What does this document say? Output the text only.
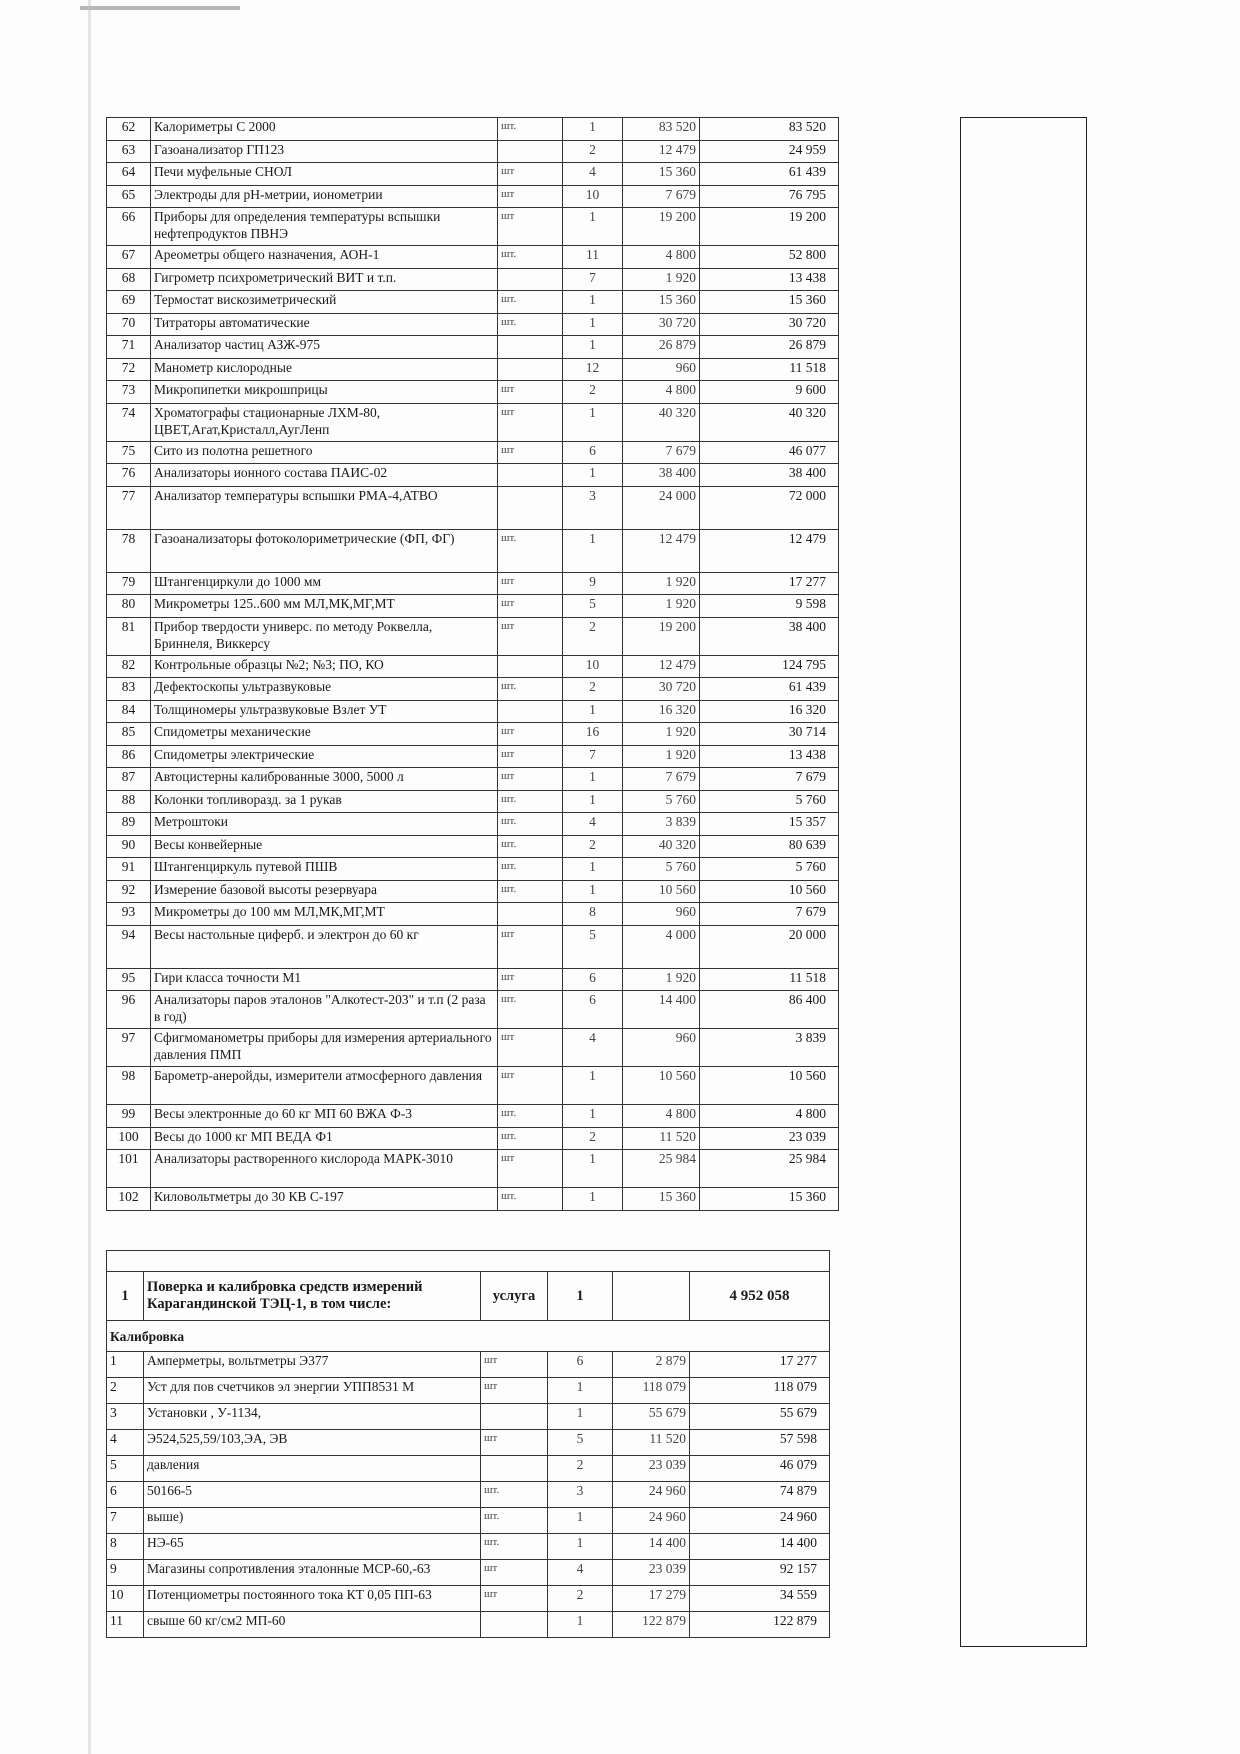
62	Калориметры С 2000	шт.	1	83 520	83 520
63	Газоанализатор ГП123		2	12 479	24 959
64	Печи муфельные СНОЛ	шт	4	15 360	61 439
65	Электроды для рН-метрии, ионометрии	шт	10	7 679	76 795
66	Приборы для определения температуры вспышки нефтепродуктов ПВНЭ	шт	1	19 200	19 200
67	Ареометры общего назначения, АОН-1	шт.	11	4 800	52 800
68	Гигрометр психрометрический ВИТ и т.п.		7	1 920	13 438
69	Термостат вискозиметрический	шт.	1	15 360	15 360
70	Титраторы автоматические	шт.	1	30 720	30 720
71	Анализатор частиц АЗЖ-975		1	26 879	26 879
72	Манометр кислородные		12	960	11 518
73	Микропипетки микрошприцы	шт	2	4 800	9 600
74	Хроматографы стационарные ЛХМ-80, ЦВЕТ,Агат,Кристалл,АугЛенп	шт	1	40 320	40 320
75	Сито из полотна решетного	шт	6	7 679	46 077
76	Анализаторы ионного состава ПАИС-02		1	38 400	38 400
77	Анализатор температуры вспышки PMA-4,ATBO		3	24 000	72 000
78	Газоанализаторы фотоколориметрические (ФП, ФГ)	шт.	1	12 479	12 479
79	Штангенциркули до 1000 мм	шт	9	1 920	17 277
80	Микрометры 125..600 мм МЛ,МК,МГ,МТ	шт	5	1 920	9 598
81	Прибор твердости универс. по методу Роквелла, Бриннеля, Виккерсу	шт	2	19 200	38 400
82	Контрольные образцы №2; №3; ПО, КО		10	12 479	124 795
83	Дефектоскопы ультразвуковые	шт.	2	30 720	61 439
84	Толщиномеры ультразвуковые Взлет УТ		1	16 320	16 320
85	Спидометры механические	шт	16	1 920	30 714
86	Спидометры электрические	шт	7	1 920	13 438
87	Автоцистерны калиброванные 3000, 5000 л	шт	1	7 679	7 679
88	Колонки топливоразд. за 1 рукав	шт.	1	5 760	5 760
89	Метроштоки	шт.	4	3 839	15 357
90	Весы конвейерные	шт.	2	40 320	80 639
91	Штангенциркуль путевой ПШВ	шт.	1	5 760	5 760
92	Измерение базовой высоты резервуара	шт.	1	10 560	10 560
93	Микрометры до 100 мм МЛ,МК,МГ,МТ		8	960	7 679
94	Весы настольные циферб. и электрон до 60 кг	шт	5	4 000	20 000
95	Гири класса точности М1	шт	6	1 920	11 518
96	Анализаторы паров эталонов "Алкотест-203" и т.п (2 раза в год)	шт.	6	14 400	86 400
97	Сфигмоманометры приборы для измерения артериального давления ПМП	шт	4	960	3 839
98	Барометр-анеройды, измерители атмосферного давления	шт	1	10 560	10 560
99	Весы электронные до 60 кг МП 60 ВЖА Ф-3	шт.	1	4 800	4 800
100	Весы до 1000 кг МП ВЕДА Ф1	шт.	2	11 520	23 039
101	Анализаторы растворенного кислорода МАРК-3010	шт	1	25 984	25 984
102	Киловольтметры до 30 КВ С-197	шт.	1	15 360	15 360

1	Поверка и калибровка средств измерений Карагандинской ТЭЦ-1, в том числе:	услуга	1		4 952 058
Калибровка					
1	Амперметры, вольтметры Э377	шт	6	2 879	17 277
2	Уст для пов счетчиков эл энергии УПП8531 М	шт	1	118 079	118 079
3	Установки , У-1134,		1	55 679	55 679
4	Э524,525,59/103,ЭА, ЭВ	шт	5	11 520	57 598
5	давления		2	23 039	46 079
6	50166-5	шт.	3	24 960	74 879
7	выше)	шт.	1	24 960	24 960
8	НЭ-65	шт.	1	14 400	14 400
9	Магазины сопротивления эталонные МСР-60,-63	шт	4	23 039	92 157
10	Потенциометры постоянного тока КТ 0,05 ПП-63	шт	2	17 279	34 559
11	свыше 60 кг/см2 МП-60		1	122 879	122 879
